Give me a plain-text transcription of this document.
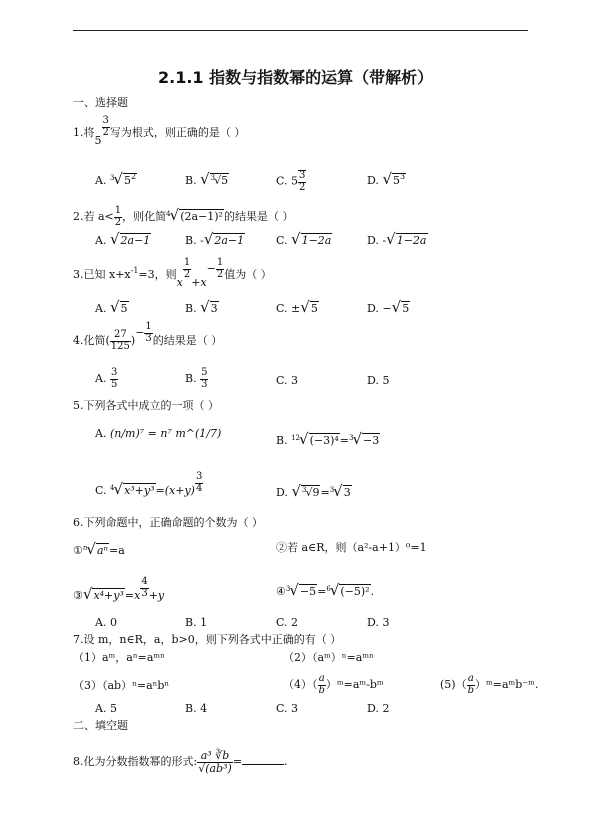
2.1.1 指数与指数幂的运算（带解析）
一、选择题
1.将5
$\frac{3}{2}$ 写为根式，则正确的是（ ）
A. $^3√5^2$	B. √$^3$√5	C. $5 \frac{3}{2}$	D. $√5^3$
2.若 $a< \frac{1}{2}$ ，则化简$^4$√(2a−1)²的结果是（ ）
A. √2a−1	B. -√2a−1	C. √1−2a	D. -√1−2a
3.已知 $x+x^{-1}=3$，则x
$\frac{1}{2}$
$+x- \frac{1}{2}$ 值为（ ）
A. √5	B. √3	C. ±√5	D. −√5
4.化简( $\frac{27}{125}$ )− $\frac{1}{3}$ 的结果是（ ）
A. $\frac{3}{5}$	B. $\frac{5}{3}$	C. 3	D. 5
5.下列各式中成立的一项（ ）
A. (n/m)⁷ = n⁷ m^(1/7)
B. $^{12}$√(−3)⁴=$^3$√−3
C. $^4√x^3+y^3=(x+y) \frac{3}{4}$	D. √$^3$√9=$^3$√3
6.下列命题中，正确命题的个数为（ ）
①$^n$√aⁿ=a	②若 a∈R，则（a²-a+1）⁰=1
③√x⁴+y³=x $\frac{4}{3} +y$	④$^3$√−5=$^6$√(−5)².
A. 0	B. 1	C. 2	D. 3
7.设 m，n∈R，a，b>0，则下列各式中正确的有（ ）
（1）aᵐ，aⁿ=aᵐⁿ	（2）（aᵐ）ⁿ=aᵐⁿ
（3）（ab）ⁿ=aⁿbⁿ	$(4)( \frac{a}{b}$ ）ᵐ=aᵐ-bᵐ	$(5)( \frac{a}{b}$ ）ᵐ=aᵐb⁻ᵐ.
A. 5	B. 4	C. 3	D. 2
二、填空题
8.化为分数指数幂的形式: $\frac{\text{a³ ∛b}}{\text{√(ab³)}}$ =	.
